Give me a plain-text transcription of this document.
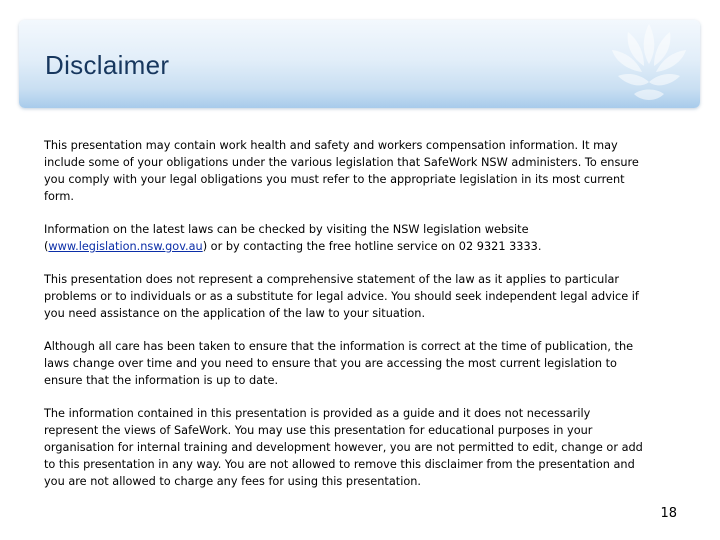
Disclaimer

This presentation may contain work health and safety and workers compensation information. It may include some of your obligations under the various legislation that SafeWork NSW administers. To ensure you comply with your legal obligations you must refer to the appropriate legislation in its most current form.

Information on the latest laws can be checked by visiting the NSW legislation website (www.legislation.nsw.gov.au) or by contacting the free hotline service on 02 9321 3333.

This presentation does not represent a comprehensive statement of the law as it applies to particular problems or to individuals or as a substitute for legal advice. You should seek independent legal advice if you need assistance on the application of the law to your situation.

Although all care has been taken to ensure that the information is correct at the time of publication, the laws change over time and you need to ensure that you are accessing the most current legislation to ensure that the information is up to date.

The information contained in this presentation is provided as a guide and it does not necessarily represent the views of SafeWork. You may use this presentation for educational purposes in your organisation for internal training and development however, you are not permitted to edit, change or add to this presentation in any way. You are not allowed to remove this disclaimer from the presentation and you are not allowed to charge any fees for using this presentation.

18
